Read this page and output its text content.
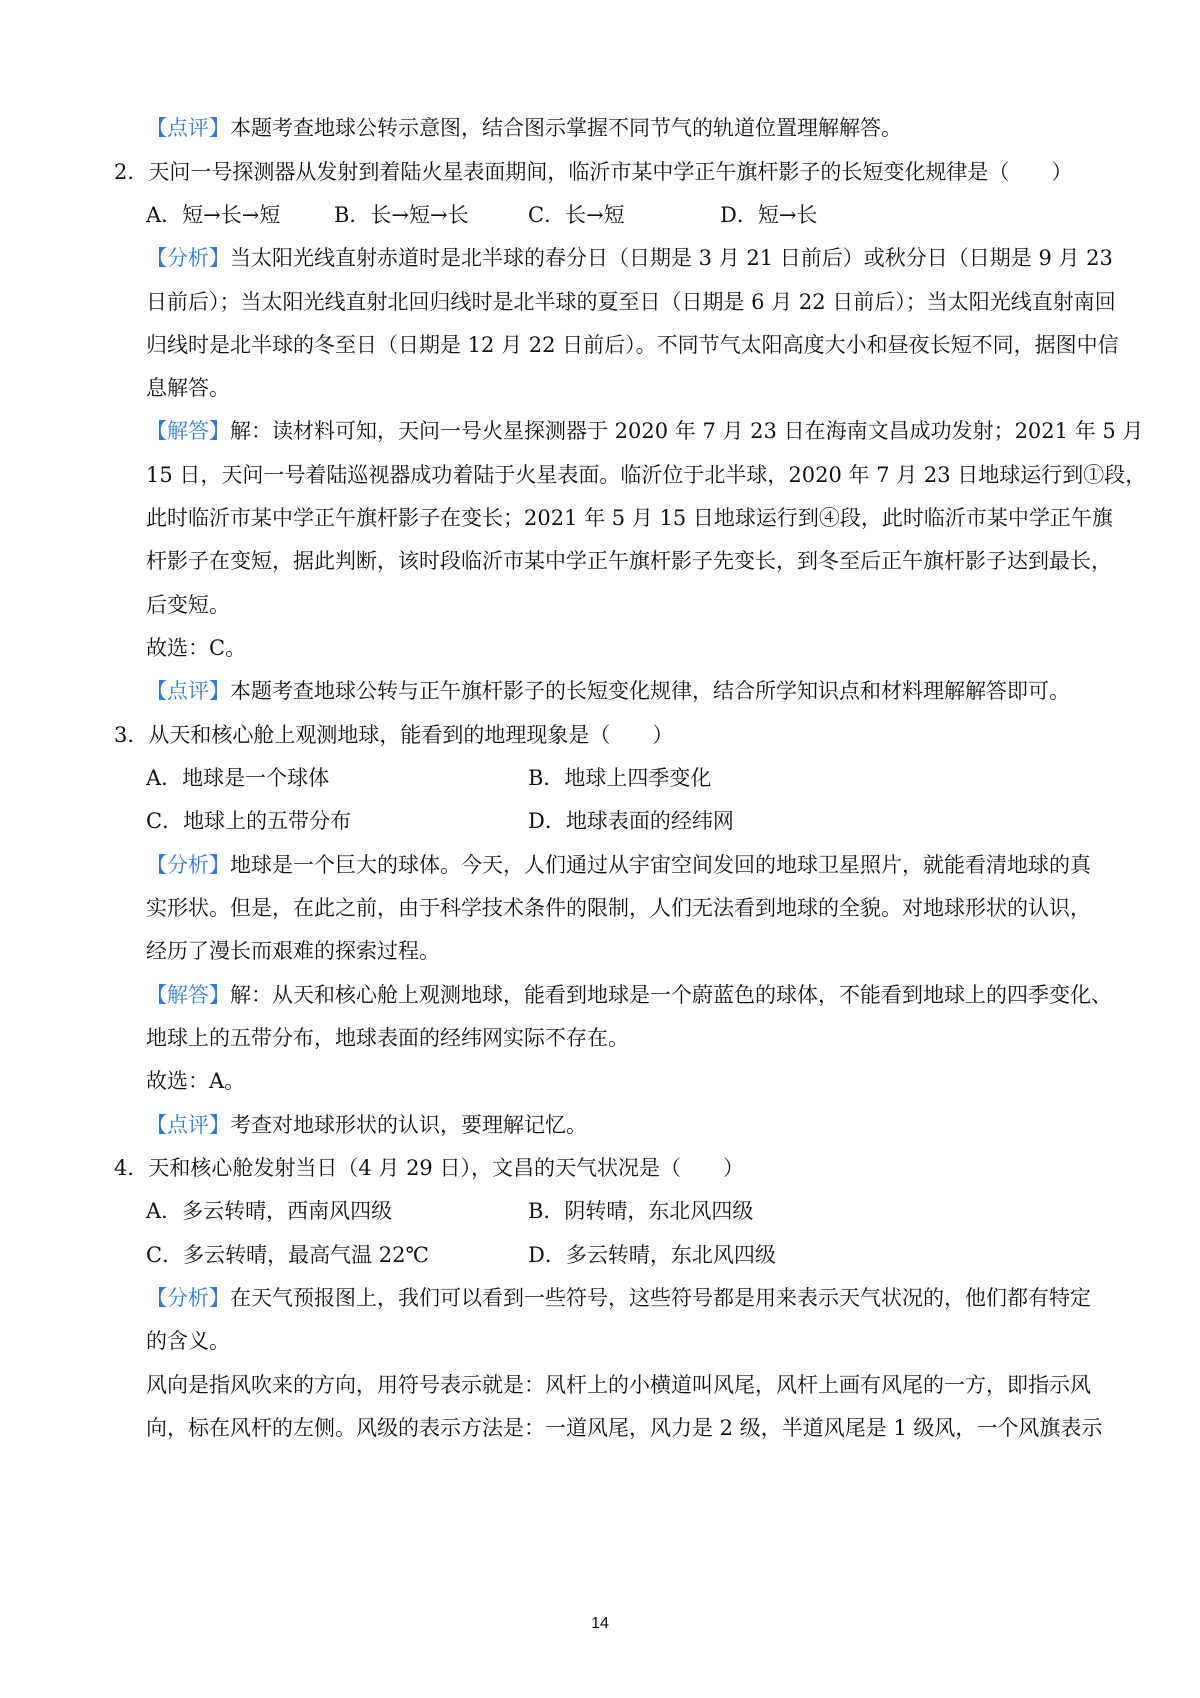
【点评】本题考查地球公转示意图，结合图示掌握不同节气的轨道位置理解解答。
2．天问一号探测器从发射到着陆火星表面期间，临沂市某中学正午旗杆影子的长短变化规律是（　　）
A．短→长→短	B．长→短→长	C．长→短	D．短→长
【分析】当太阳光线直射赤道时是北半球的春分日（日期是 3 月 21 日前后）或秋分日（日期是 9 月 23
日前后）；当太阳光线直射北回归线时是北半球的夏至日（日期是 6 月 22 日前后）；当太阳光线直射南回
归线时是北半球的冬至日（日期是 12 月 22 日前后）。不同节气太阳高度大小和昼夜长短不同，据图中信
息解答。
【解答】解：读材料可知，天问一号火星探测器于 2020 年 7 月 23 日在海南文昌成功发射；2021 年 5 月
15 日，天问一号着陆巡视器成功着陆于火星表面。临沂位于北半球，2020 年 7 月 23 日地球运行到①段，
此时临沂市某中学正午旗杆影子在变长；2021 年 5 月 15 日地球运行到④段，此时临沂市某中学正午旗
杆影子在变短，据此判断，该时段临沂市某中学正午旗杆影子先变长，到冬至后正午旗杆影子达到最长，
后变短。
故选：C。
【点评】本题考查地球公转与正午旗杆影子的长短变化规律，结合所学知识点和材料理解解答即可。
3．从天和核心舱上观测地球，能看到的地理现象是（　　）
A．地球是一个球体	B．地球上四季变化
C．地球上的五带分布	D．地球表面的经纬网
【分析】地球是一个巨大的球体。今天，人们通过从宇宙空间发回的地球卫星照片，就能看清地球的真
实形状。但是，在此之前，由于科学技术条件的限制，人们无法看到地球的全貌。对地球形状的认识，
经历了漫长而艰难的探索过程。
【解答】解：从天和核心舱上观测地球，能看到地球是一个蔚蓝色的球体，不能看到地球上的四季变化、
地球上的五带分布，地球表面的经纬网实际不存在。
故选：A。
【点评】考查对地球形状的认识，要理解记忆。
4．天和核心舱发射当日（4 月 29 日），文昌的天气状况是（　　）
A．多云转晴，西南风四级	B．阴转晴，东北风四级
C．多云转晴，最高气温 22℃	D．多云转晴，东北风四级
【分析】在天气预报图上，我们可以看到一些符号，这些符号都是用来表示天气状况的，他们都有特定
的含义。
风向是指风吹来的方向，用符号表示就是：风杆上的小横道叫风尾，风杆上画有风尾的一方，即指示风
向，标在风杆的左侧。风级的表示方法是：一道风尾，风力是 2 级，半道风尾是 1 级风，一个风旗表示
14
